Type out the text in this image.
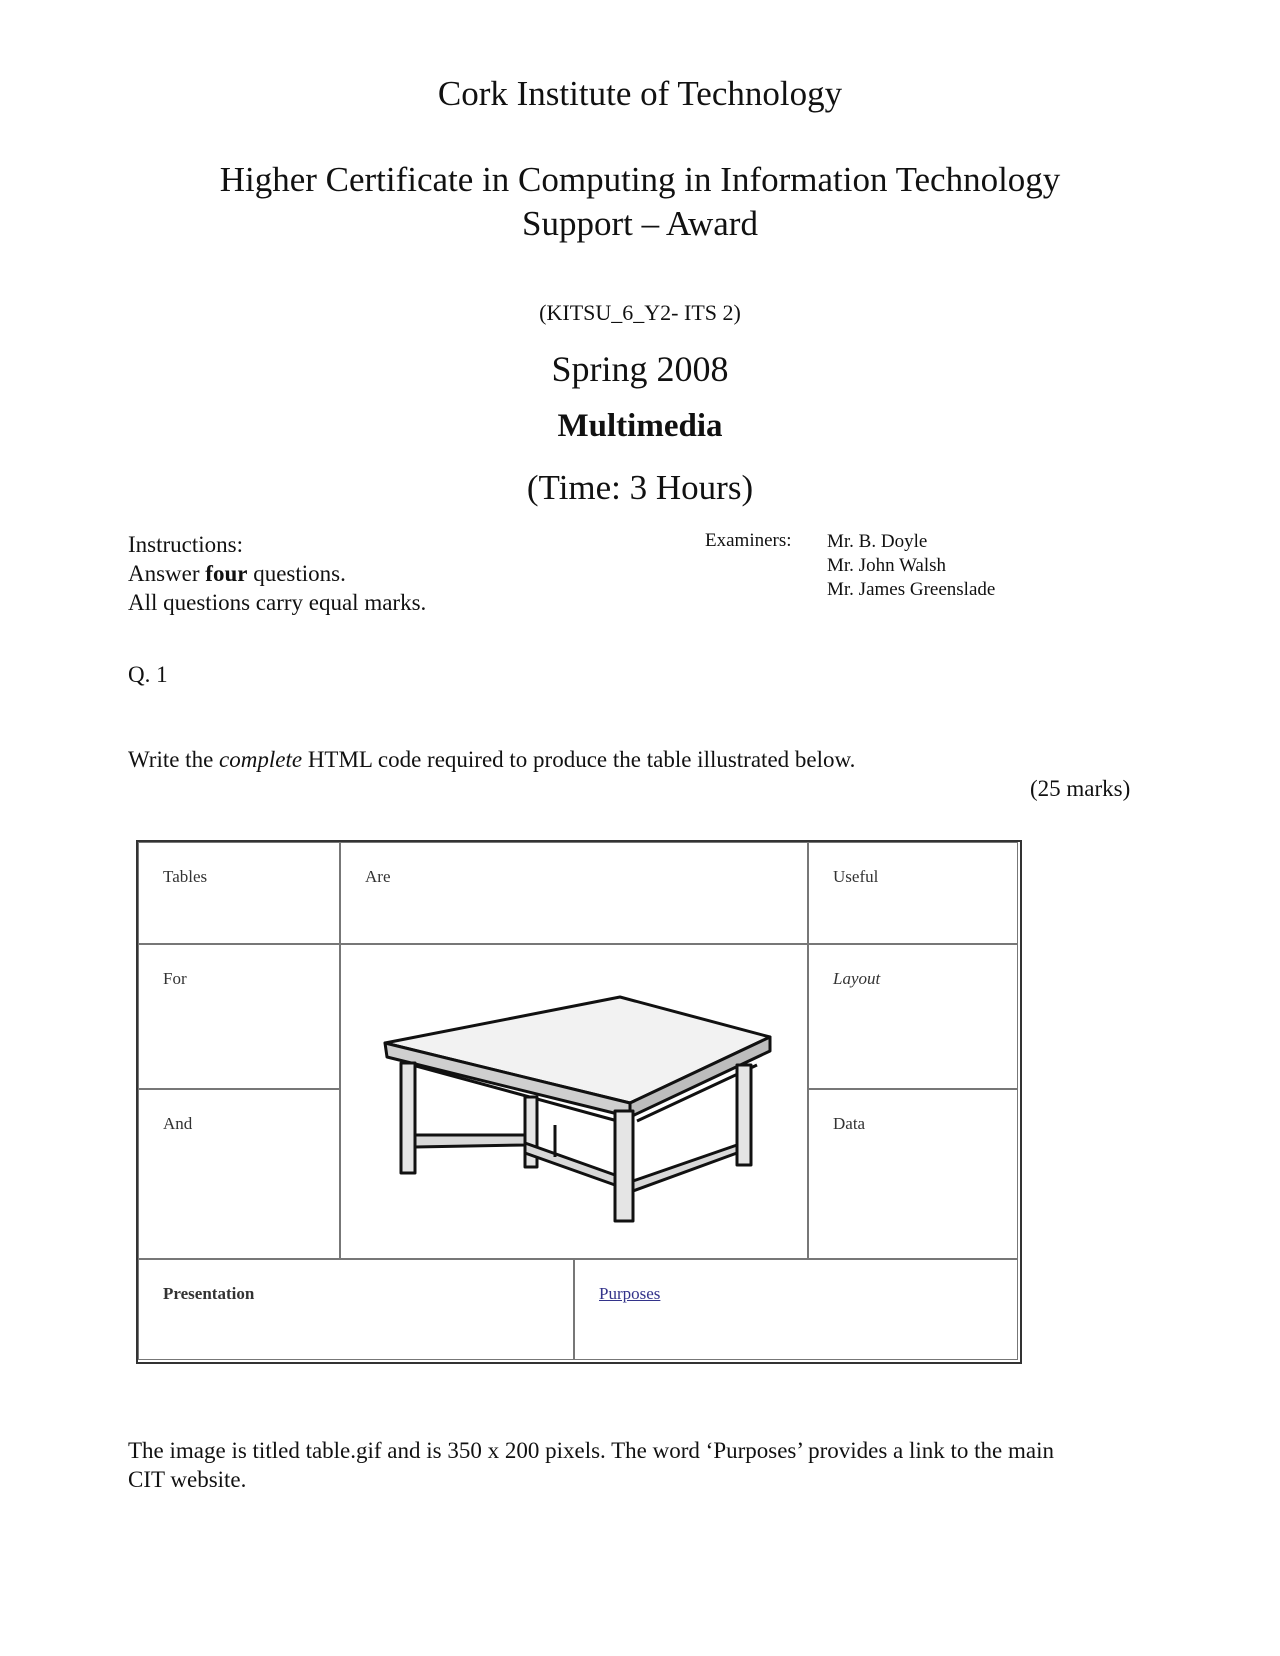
Cork Institute of Technology
Higher Certificate in Computing in Information Technology
Support – Award
(KITSU_6_Y2- ITS 2)
Spring 2008
Multimedia
(Time: 3 Hours)
Instructions:
Answer four questions.
All questions carry equal marks.
Examiners: Mr. B. Doyle
Mr. John Walsh
Mr. James Greenslade
Q. 1
Write the complete HTML code required to produce the table illustrated below.
(25 marks)
Tables	Are	Useful
For	Layout
And	Data
Presentation	Purposes
The image is titled table.gif and is 350 x 200 pixels. The word ‘Purposes’ provides a link to the main
CIT website.
